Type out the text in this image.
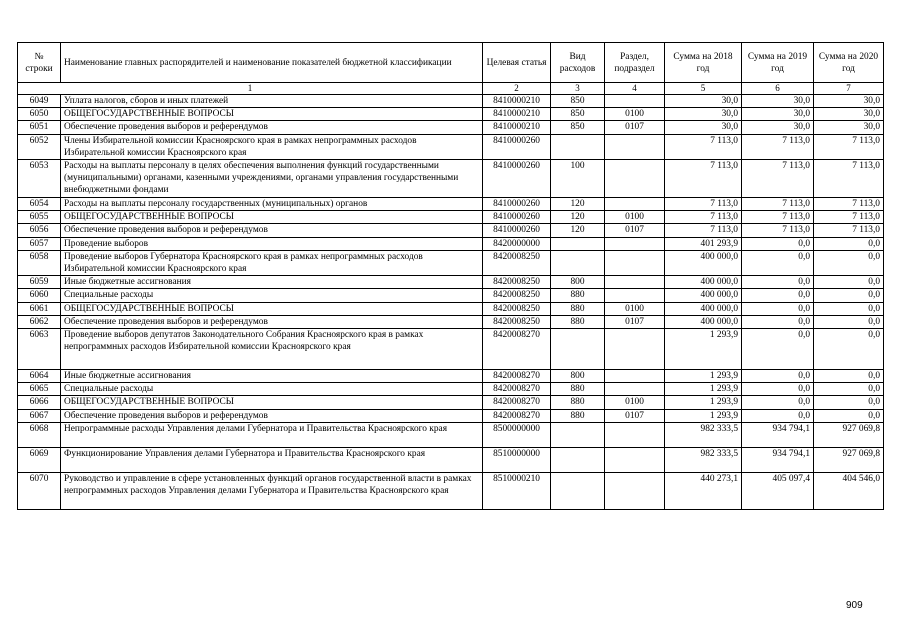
№ строки	Наименование главных распорядителей и наименование показателей бюджетной классификации	Целевая статья	Вид расходов	Раздел, подраздел	Сумма на 2018 год	Сумма на 2019 год	Сумма на 2020 год
1		2	3	4	5	6	7
6049	Уплата налогов, сборов и иных платежей	8410000210	850		30,0	30,0	30,0
6050	ОБЩЕГОСУДАРСТВЕННЫЕ ВОПРОСЫ	8410000210	850	0100	30,0	30,0	30,0
6051	Обеспечение проведения выборов и референдумов	8410000210	850	0107	30,0	30,0	30,0
6052	Члены Избирательной комиссии Красноярского края в рамках непрограммных расходов Избирательной комиссии Красноярского края	8410000260			7 113,0	7 113,0	7 113,0
6053	Расходы на выплаты персоналу в целях обеспечения выполнения функций государственными (муниципальными) органами, казенными учреждениями, органами управления государственными внебюджетными фондами	8410000260	100		7 113,0	7 113,0	7 113,0
6054	Расходы на выплаты персоналу государственных (муниципальных) органов	8410000260	120		7 113,0	7 113,0	7 113,0
6055	ОБЩЕГОСУДАРСТВЕННЫЕ ВОПРОСЫ	8410000260	120	0100	7 113,0	7 113,0	7 113,0
6056	Обеспечение проведения выборов и референдумов	8410000260	120	0107	7 113,0	7 113,0	7 113,0
6057	Проведение выборов	8420000000			401 293,9	0,0	0,0
6058	Проведение выборов Губернатора Красноярского края в рамках непрограммных расходов Избирательной комиссии Красноярского края	8420008250			400 000,0	0,0	0,0
6059	Иные бюджетные ассигнования	8420008250	800		400 000,0	0,0	0,0
6060	Специальные расходы	8420008250	880		400 000,0	0,0	0,0
6061	ОБЩЕГОСУДАРСТВЕННЫЕ ВОПРОСЫ	8420008250	880	0100	400 000,0	0,0	0,0
6062	Обеспечение проведения выборов и референдумов	8420008250	880	0107	400 000,0	0,0	0,0
6063	Проведение выборов депутатов Законодательного Собрания Красноярского края в рамках непрограммных расходов Избирательной комиссии Красноярского края	8420008270			1 293,9	0,0	0,0
6064	Иные бюджетные ассигнования	8420008270	800		1 293,9	0,0	0,0
6065	Специальные расходы	8420008270	880		1 293,9	0,0	0,0
6066	ОБЩЕГОСУДАРСТВЕННЫЕ ВОПРОСЫ	8420008270	880	0100	1 293,9	0,0	0,0
6067	Обеспечение проведения выборов и референдумов	8420008270	880	0107	1 293,9	0,0	0,0
6068	Непрограммные расходы Управления делами Губернатора и Правительства Красноярского края	8500000000			982 333,5	934 794,1	927 069,8
6069	Функционирование Управления делами Губернатора и Правительства Красноярского края	8510000000			982 333,5	934 794,1	927 069,8
6070	Руководство и управление в сфере установленных функций органов государственной власти в рамках непрограммных расходов Управления делами Губернатора и Правительства Красноярского края	8510000210			440 273,1	405 097,4	404 546,0
909
